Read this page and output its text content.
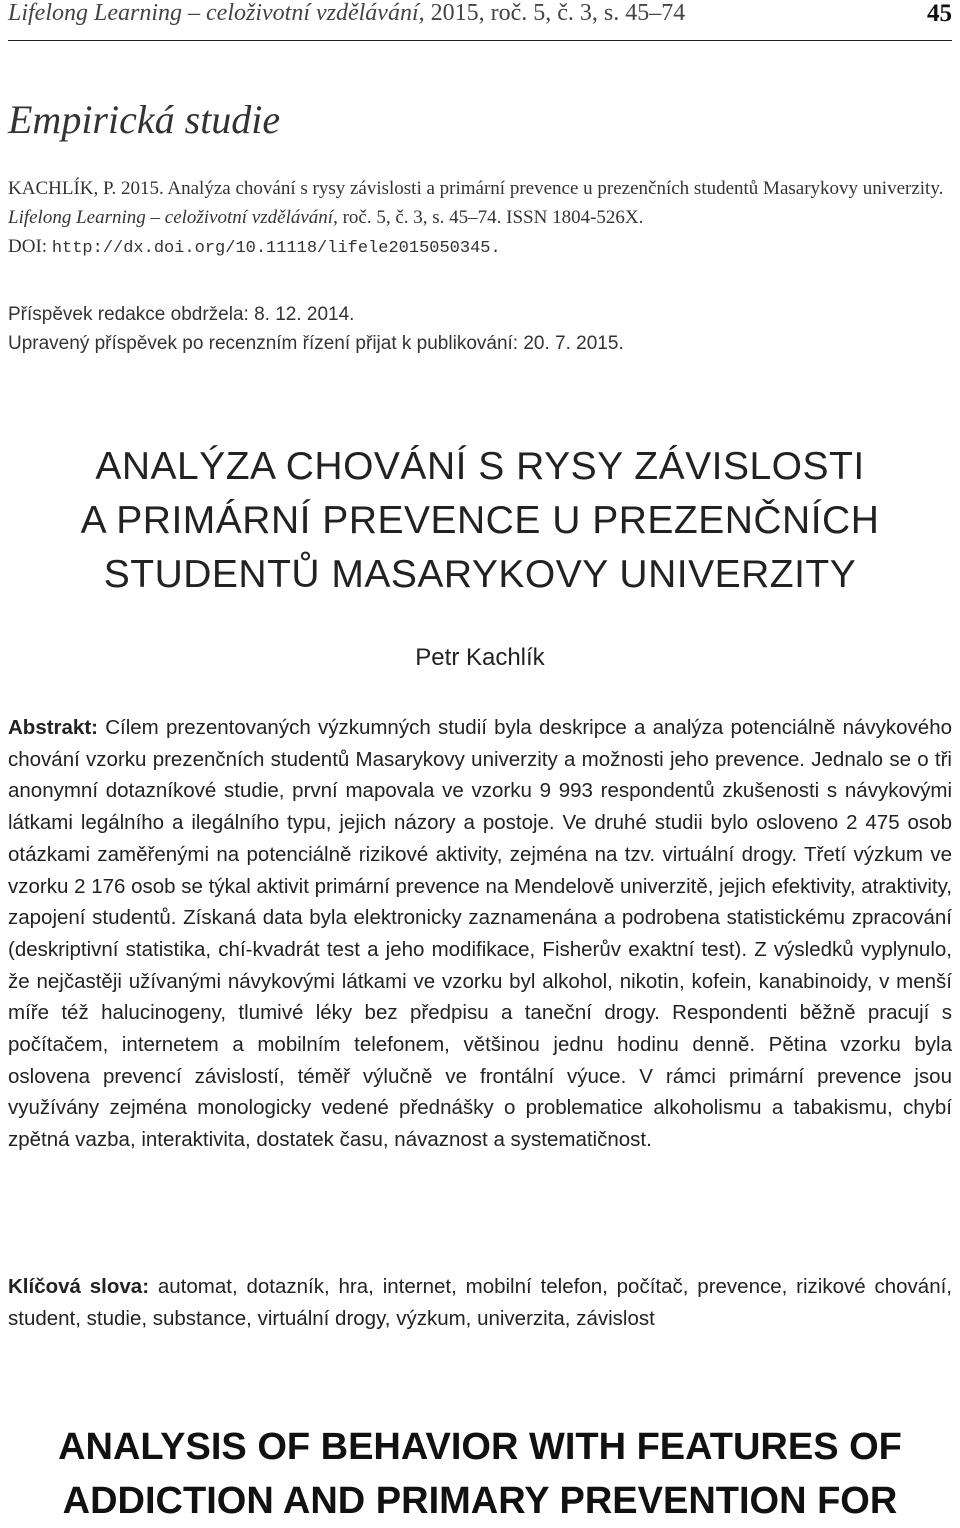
Lifelong Learning – celoživotní vzdělávání, 2015, roč. 5, č. 3, s. 45–74	45
Empirická studie
KACHLÍK, P. 2015. Analýza chování s rysy závislosti a primární prevence u prezenčních studentů Masarykovy univerzity. Lifelong Learning – celoživotní vzdělávání, roč. 5, č. 3, s. 45–74. ISSN 1804-526X.
DOI: http://dx.doi.org/10.11118/lifele2015050345.
Příspěvek redakce obdržela: 8. 12. 2014.
Upravený příspěvek po recenzním řízení přijat k publikování: 20. 7. 2015.
ANALÝZA CHOVÁNÍ S RYSY ZÁVISLOSTI
A PRIMÁRNÍ PREVENCE U PREZENČNÍCH
STUDENTŮ MASARYKOVY UNIVERZITY
Petr Kachlík
Abstrakt: Cílem prezentovaných výzkumných studií byla deskripce a analýza potenciálně návykového chování vzorku prezenčních studentů Masarykovy univerzity a možnosti jeho prevence. Jednalo se o tři anonymní dotazníkové studie, první mapovala ve vzorku 9 993 respondentů zkušenosti s návykovými látkami legálního a ilegálního typu, jejich názory a postoje. Ve druhé studii bylo osloveno 2 475 osob otázkami zaměřenými na potenciálně rizikové aktivity, zejména na tzv. virtuální drogy. Třetí výzkum ve vzorku 2 176 osob se týkal aktivit primární prevence na Mendelově univerzitě, jejich efektivity, atraktivity, zapojení studentů. Získaná data byla elektronicky zaznamenána a podrobena statistickému zpracování (deskriptivní statistika, chí-kvadrát test a jeho modifikace, Fisherův exaktní test). Z výsledků vyplynulo, že nejčastěji užívanými návykovými látkami ve vzorku byl alkohol, nikotin, kofein, kanabinoidy, v menší míře též halucinogeny, tlumivé léky bez předpisu a taneční drogy. Respondenti běžně pracují s počítačem, internetem a mobilním telefonem, většinou jednu hodinu denně. Pětina vzorku byla oslovena prevencí závislostí, téměř výlučně ve frontální výuce. V rámci primární prevence jsou využívány zejména monologicky vedené přednášky o problematice alkoholismu a tabakismu, chybí zpětná vazba, interaktivita, dostatek času, návaznost a systematičnost.
Klíčová slova: automat, dotazník, hra, internet, mobilní telefon, počítač, prevence, rizikové chování, student, studie, substance, virtuální drogy, výzkum, univerzita, závislost
ANALYSIS OF BEHAVIOR WITH FEATURES OF
ADDICTION AND PRIMARY PREVENTION FOR
